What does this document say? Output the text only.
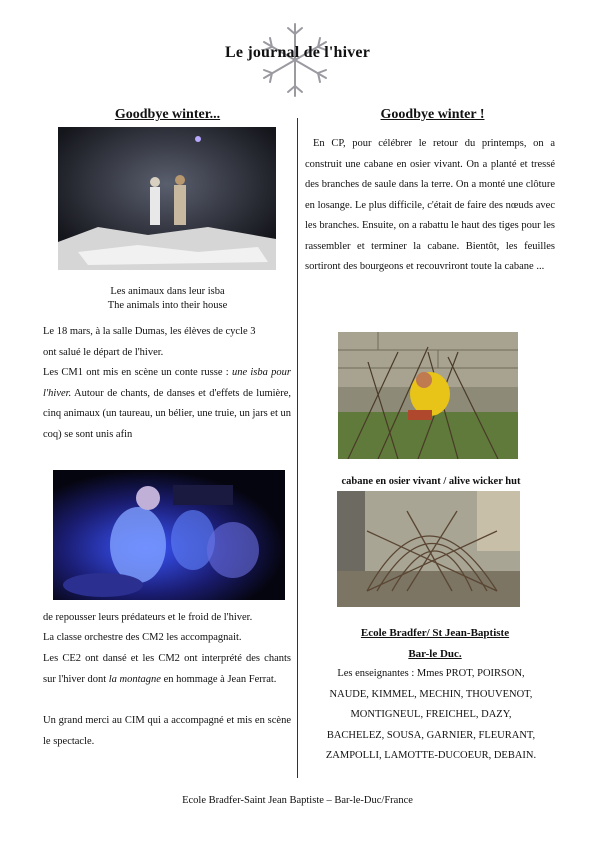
Le journal de l'hiver
Goodbye winter...
Les animaux dans leur isba
The animals into their house
Le 18 mars, à la salle Dumas, les élèves de cycle 3
ont salué le départ de l'hiver.

Les CM1 ont mis en scène un conte russe : une isba pour l'hiver. Autour de chants, de danses et d'effets de lumière, cinq animaux (un taureau, un bélier, une truie, un jars et un coq) se sont unis afin

de repousser leurs prédateurs et le froid de l'hiver.
La classe orchestre des CM2 les accompagnait.

Les CE2 ont dansé et les CM2 ont interprété des chants sur l'hiver dont la montagne en hommage à Jean Ferrat.

Un grand merci au CIM qui a accompagné et mis en scène le spectacle.
Goodbye winter !

En CP, pour célébrer le retour du printemps, on a construit une cabane en osier vivant. On a planté et tressé des branches de saule dans la terre. On a monté une clôture en losange. Le plus difficile, c'était de faire des nœuds avec les branches. Ensuite, on a rabattu le haut des tiges pour les rassembler et terminer la cabane. Bientôt, les feuilles sortiront des bourgeons et recouvriront toute la cabane ...

cabane en osier vivant / alive wicker hut
Ecole Bradfer/ St Jean-Baptiste
Bar-le Duc.
Les enseignantes : Mmes PROT, POIRSON,
NAUDE, KIMMEL, MECHIN, THOUVENOT,
MONTIGNEUL, FREICHEL, DAZY,
BACHELEZ, SOUSA, GARNIER, FLEURANT,
ZAMPOLLI, LAMOTTE-DUCOEUR, DEBAIN.
Ecole Bradfer-Saint Jean Baptiste – Bar-le-Duc/France
